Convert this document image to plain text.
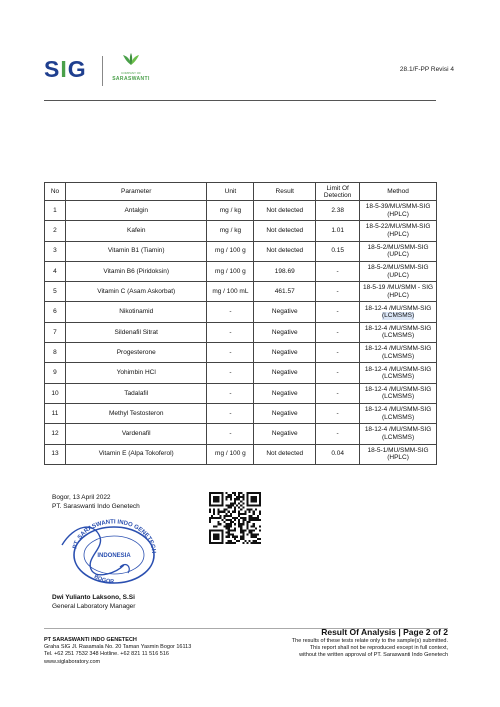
SIG	COMPANY OF
SARASWANTI
28.1/F-PP Revisi 4
No	Parameter	Unit	Result	Limit Of Detection	Method
1	Antalgin	mg / kg	Not detected	2.38	18-5-39/MU/SMM-SIG
(HPLC)

2	Kafein	mg / kg	Not detected	1.01	18-5-22/MU/SMM-SIG
(HPLC)

3	Vitamin B1 (Tiamin)	mg / 100 g	Not detected	0.15	18-5-2/MU/SMM-SIG
(UPLC)

4	Vitamin B6 (Piridoksin)	mg / 100 g	198.69	-	18-5-2/MU/SMM-SIG
(UPLC)

5	Vitamin C (Asam Askorbat)	mg / 100 mL	461.57	-	18-5-19 /MU/SMM - SIG
(HPLC)

6	Nikotinamid	-	Negative	-	18-12-4 /MU/SMM-SIG
(LCMSMS)
7	Sildenafil Sitrat	-	Negative	-	18-12-4 /MU/SMM-SIG
(LCMSMS)

8	Progesterone	-	Negative	-	18-12-4 /MU/SMM-SIG
(LCMSMS)

9	Yohimbin HCl	-	Negative	-	18-12-4 /MU/SMM-SIG
(LCMSMS)

10	Tadalafil	-	Negative	-	18-12-4 /MU/SMM-SIG
(LCMSMS)

11	Methyl Testosteron	-	Negative	-	18-12-4 /MU/SMM-SIG
(LCMSMS)

12	Vardenafil	-	Negative	-	18-12-4 /MU/SMM-SIG
(LCMSMS)

13	Vitamin E (Alpa Tokoferol)	mg / 100 g	Not detected	0.04	18-5-1/MU/SMM-SIG
(HPLC)
Bogor, 13 April 2022
PT. Saraswanti Indo Genetech
PT. SARASWANTI INDO GENETECH
INDONESIA
BOGOR
Dwi Yulianto Laksono, S.Si
General Laboratory Manager
PT SARASWANTI INDO GENETECH
Graha SIG Jl. Rasamala No. 20 Taman Yasmin Bogor 16113
Tel. +62 251 7532 348 Hotline. +62 821 11 516 516
www.siglaboratory.com
Result Of Analysis | Page 2 of 2
The results of these tests relate only to the sample(s) submitted.
This report shall not be reproduced except in full context,
without the written approval of PT. Saraswanti Indo Genetech
